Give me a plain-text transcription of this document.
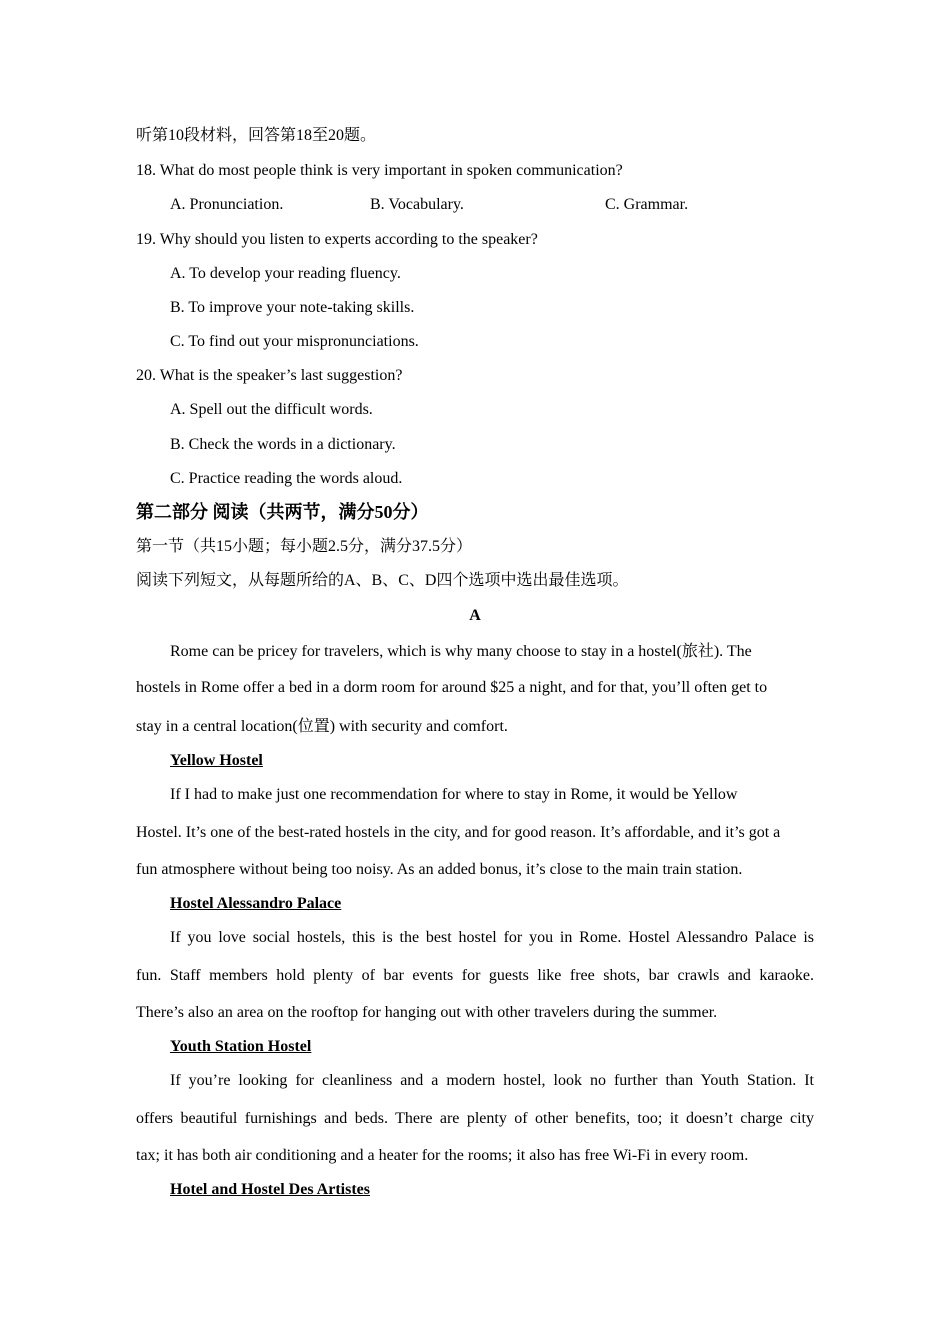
听第10段材料，回答第18至20题。
18. What do most people think is very important in spoken communication?
A. Pronunciation.	B. Vocabulary.	C. Grammar.
19. Why should you listen to experts according to the speaker?
A. To develop your reading fluency.
B. To improve your note-taking skills.
C. To find out your mispronunciations.
20. What is the speaker’s last suggestion?
A. Spell out the difficult words.
B. Check the words in a dictionary.
C. Practice reading the words aloud.
第二部分 阅读（共两节，满分50分）
第一节（共15小题；每小题2.5分，满分37.5分）
阅读下列短文，从每题所给的A、B、C、D四个选项中选出最佳选项。
A
Rome can be pricey for travelers, which is why many choose to stay in a hostel(旅社). The
hostels in Rome offer a bed in a dorm room for around $25 a night, and for that, you’ll often get to
stay in a central location(位置) with security and comfort.
Yellow Hostel
If I had to make just one recommendation for where to stay in Rome, it would be Yellow
Hostel. It’s one of the best-rated hostels in the city, and for good reason. It’s affordable, and it’s got a
fun atmosphere without being too noisy. As an added bonus, it’s close to the main train station.
Hostel Alessandro Palace
If you love social hostels, this is the best hostel for you in Rome. Hostel Alessandro Palace is
fun. Staff members hold plenty of bar events for guests like free shots, bar crawls and karaoke.
There’s also an area on the rooftop for hanging out with other travelers during the summer.
Youth Station Hostel
If you’re looking for cleanliness and a modern hostel, look no further than Youth Station. It
offers beautiful furnishings and beds. There are plenty of other benefits, too; it doesn’t charge city
tax; it has both air conditioning and a heater for the rooms; it also has free Wi-Fi in every room.
Hotel and Hostel Des Artistes
